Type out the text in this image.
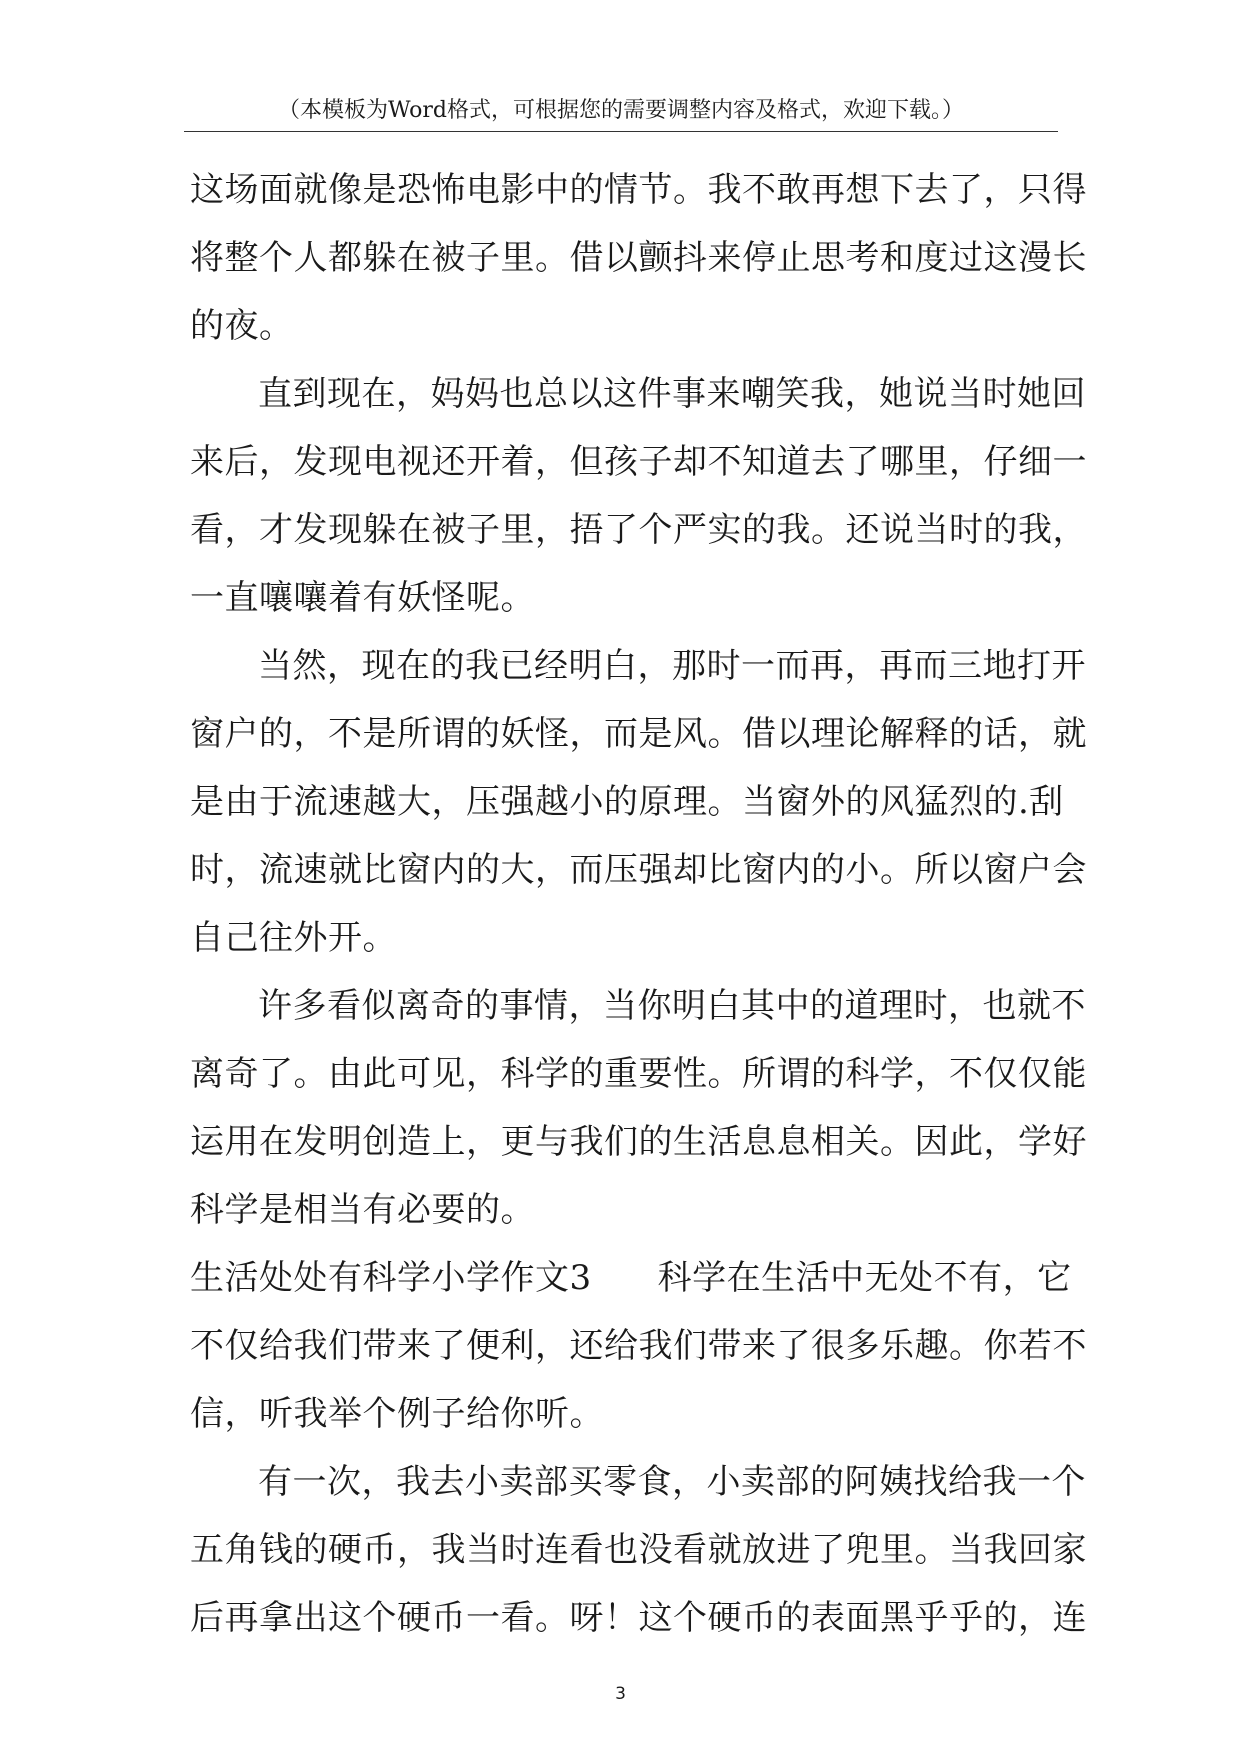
（本模板为Word格式，可根据您的需要调整内容及格式，欢迎下载。）
这场面就像是恐怖电影中的情节。我不敢再想下去了，只得
将整个人都躲在被子里。借以颤抖来停止思考和度过这漫长
的夜。
直到现在，妈妈也总以这件事来嘲笑我，她说当时她回
来后，发现电视还开着，但孩子却不知道去了哪里，仔细一
看，才发现躲在被子里，捂了个严实的我。还说当时的我，
一直嚷嚷着有妖怪呢。
当然，现在的我已经明白，那时一而再，再而三地打开
窗户的，不是所谓的妖怪，而是风。借以理论解释的话，就
是由于流速越大，压强越小的原理。当窗外的风猛烈的.刮
时，流速就比窗内的大，而压强却比窗内的小。所以窗户会
自己往外开。
许多看似离奇的事情，当你明白其中的道理时，也就不
离奇了。由此可见，科学的重要性。所谓的科学，不仅仅能
运用在发明创造上，更与我们的生活息息相关。因此，学好
科学是相当有必要的。
生活处处有科学小学作文3 科学在生活中无处不有，它
不仅给我们带来了便利，还给我们带来了很多乐趣。你若不
信，听我举个例子给你听。
有一次，我去小卖部买零食，小卖部的阿姨找给我一个
五角钱的硬币，我当时连看也没看就放进了兜里。当我回家
后再拿出这个硬币一看。呀！这个硬币的表面黑乎乎的，连
3
